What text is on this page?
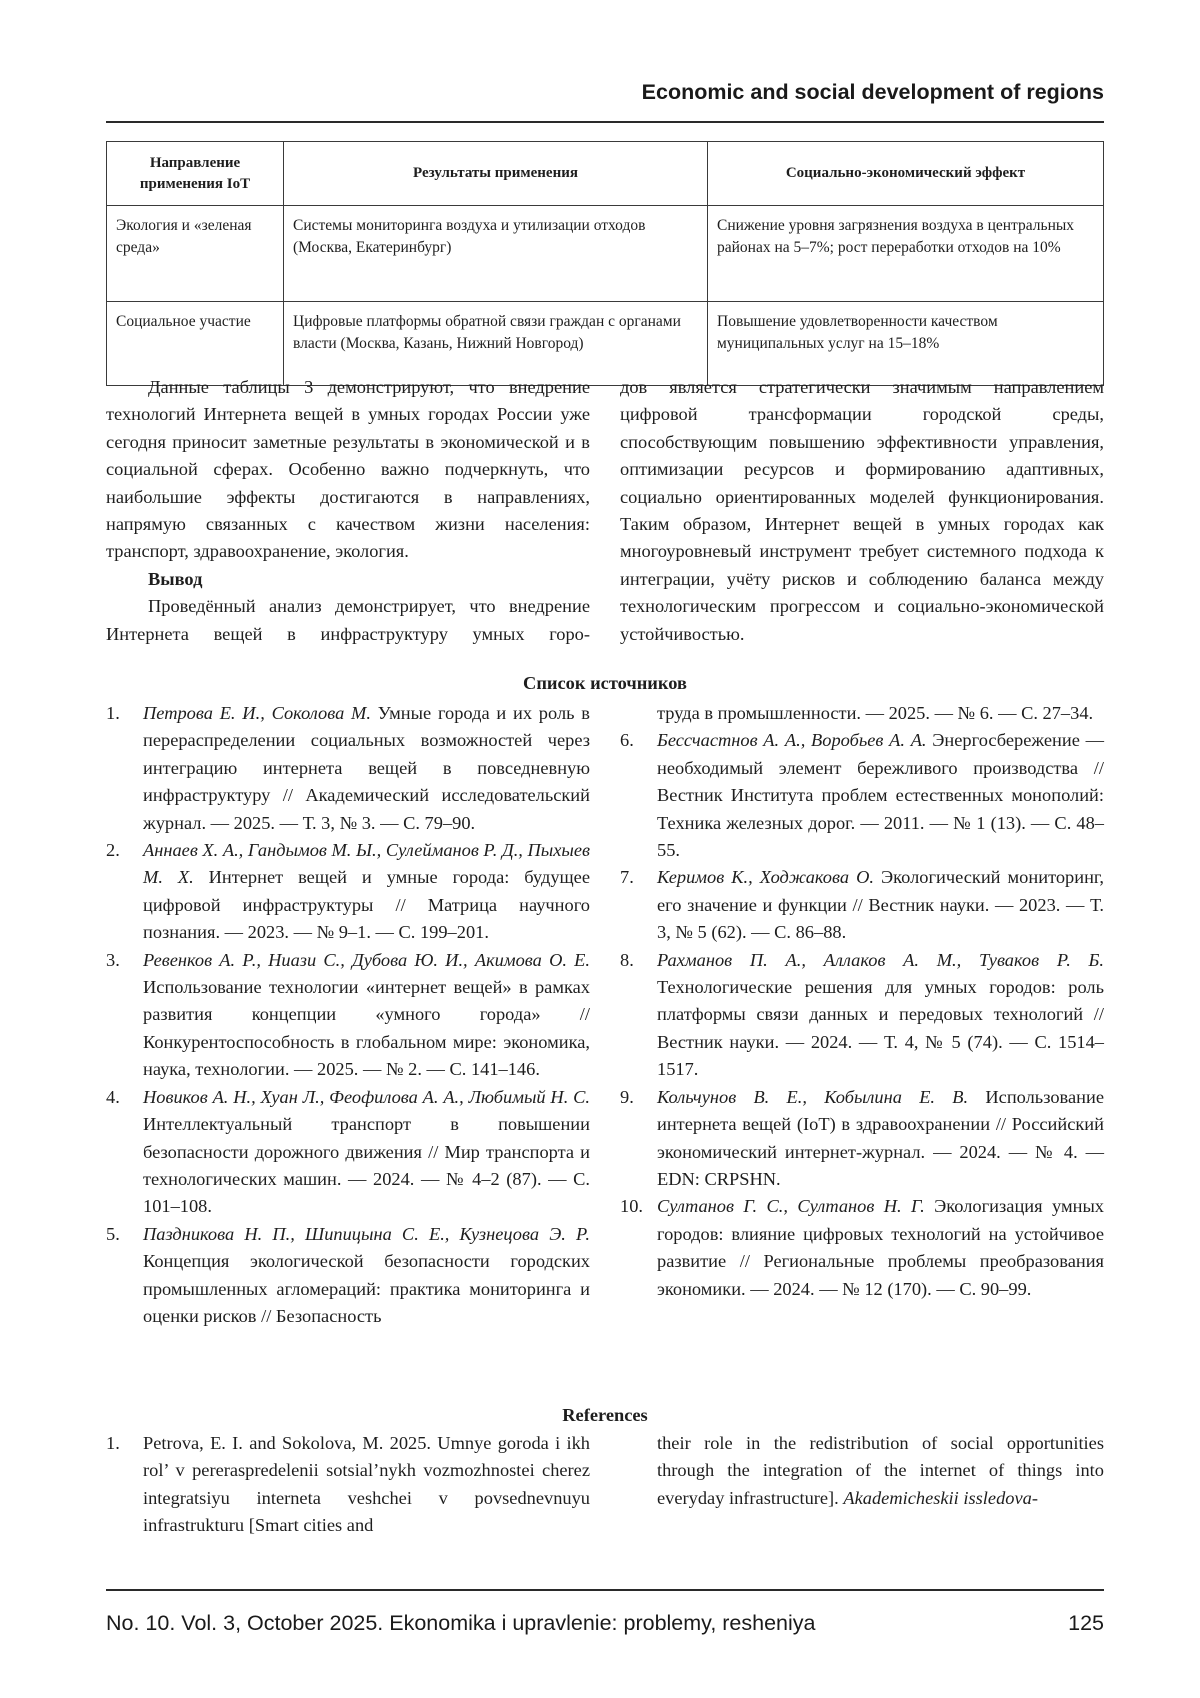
Economic and social development of regions
Направление применения IoT	Результаты применения	Социально-экономический эффект
Экология и «зеленая среда»	Системы мониторинга воздуха и утилизации отходов (Москва, Екатеринбург)	Снижение уровня загрязнения воздуха в центральных районах на 5–7%; рост переработки отходов на 10%
Социальное участие	Цифровые платформы обратной связи граждан с органами власти (Москва, Казань, Нижний Новгород)	Повышение удовлетворенности качеством муниципальных услуг на 15–18%

Данные таблицы 3 демонстрируют, что внедрение технологий Интернета вещей в умных городах России уже сегодня приносит заметные результаты в экономической и в социальной сферах. Особенно важно подчеркнуть, что наибольшие эффекты достигаются в направлениях, напрямую связанных с качеством жизни населения: транспорт, здравоохранение, экология.

Вывод

Проведённый анализ демонстрирует, что внедрение Интернета вещей в инфраструктуру умных горо-

дов является стратегически значимым направлением цифровой трансформации городской среды, способствующим повышению эффективности управления, оптимизации ресурсов и формированию адаптивных, социально ориентированных моделей функционирования. Таким образом, Интернет вещей в умных городах как многоуровневый инструмент требует системного подхода к интеграции, учёту рисков и соблюдению баланса между технологическим прогрессом и социально-экономической устойчивостью.

Список источников
1. Петрова Е. И., Соколова М. Умные города и их роль в перераспределении социальных возможностей через интеграцию интернета вещей в повседневную инфраструктуру // Академический исследовательский журнал. — 2025. — Т. 3, № 3. — С. 79–90.
2. Аннаев Х. А., Гандымов М. Ы., Сулейманов Р. Д., Пыхыев М. Х. Интернет вещей и умные города: будущее цифровой инфраструктуры // Матрица научного познания. — 2023. — № 9–1. — С. 199–201.
3. Ревенков А. Р., Ниази С., Дубова Ю. И., Акимова О. Е. Использование технологии «интернет вещей» в рамках развития концепции «умного города» // Конкурентоспособность в глобальном мире: экономика, наука, технологии. — 2025. — № 2. — С. 141–146.
4. Новиков А. Н., Хуан Л., Феофилова А. А., Любимый Н. С. Интеллектуальный транспорт в повышении безопасности дорожного движения // Мир транспорта и технологических машин. — 2024. — № 4–2 (87). — С. 101–108.
5. Паздникова Н. П., Шипицына С. Е., Кузнецова Э. Р. Концепция экологической безопасности городских промышленных агломераций: практика мониторинга и оценки рисков // Безопасность
труда в промышленности. — 2025. — № 6. — С. 27–34.
6. Бессчастнов А. А., Воробьев А. А. Энергосбережение — необходимый элемент бережливого производства // Вестник Института проблем естественных монополий: Техника железных дорог. — 2011. — № 1 (13). — С. 48–55.
7. Керимов К., Ходжакова О. Экологический мониторинг, его значение и функции // Вестник науки. — 2023. — Т. 3, № 5 (62). — С. 86–88.
8. Рахманов П. А., Аллаков А. М., Туваков Р. Б. Технологические решения для умных городов: роль платформы связи данных и передовых технологий // Вестник науки. — 2024. — Т. 4, № 5 (74). — С. 1514–1517.
9. Кольчунов В. Е., Кобылина Е. В. Использование интернета вещей (IoT) в здравоохранении // Российский экономический интернет-журнал. — 2024. — № 4. — EDN: CRPSHN.
10. Султанов Г. С., Султанов Н. Г. Экологизация умных городов: влияние цифровых технологий на устойчивое развитие // Региональные проблемы преобразования экономики. — 2024. — № 12 (170). — С. 90–99.
References
1. Petrova, E. I. and Sokolova, M. 2025. Umnye goroda i ikh rol’ v pereraspredelenii sotsial’nykh vozmozhnostei cherez integratsiyu interneta veshchei v povsednevnuyu infrastrukturu [Smart cities and
their role in the redistribution of social opportunities through the integration of the internet of things into everyday infrastructure]. Akademicheskii issledova-
No. 10. Vol. 3, October 2025. Ekonomika i upravlenie: problemy, resheniya	125
